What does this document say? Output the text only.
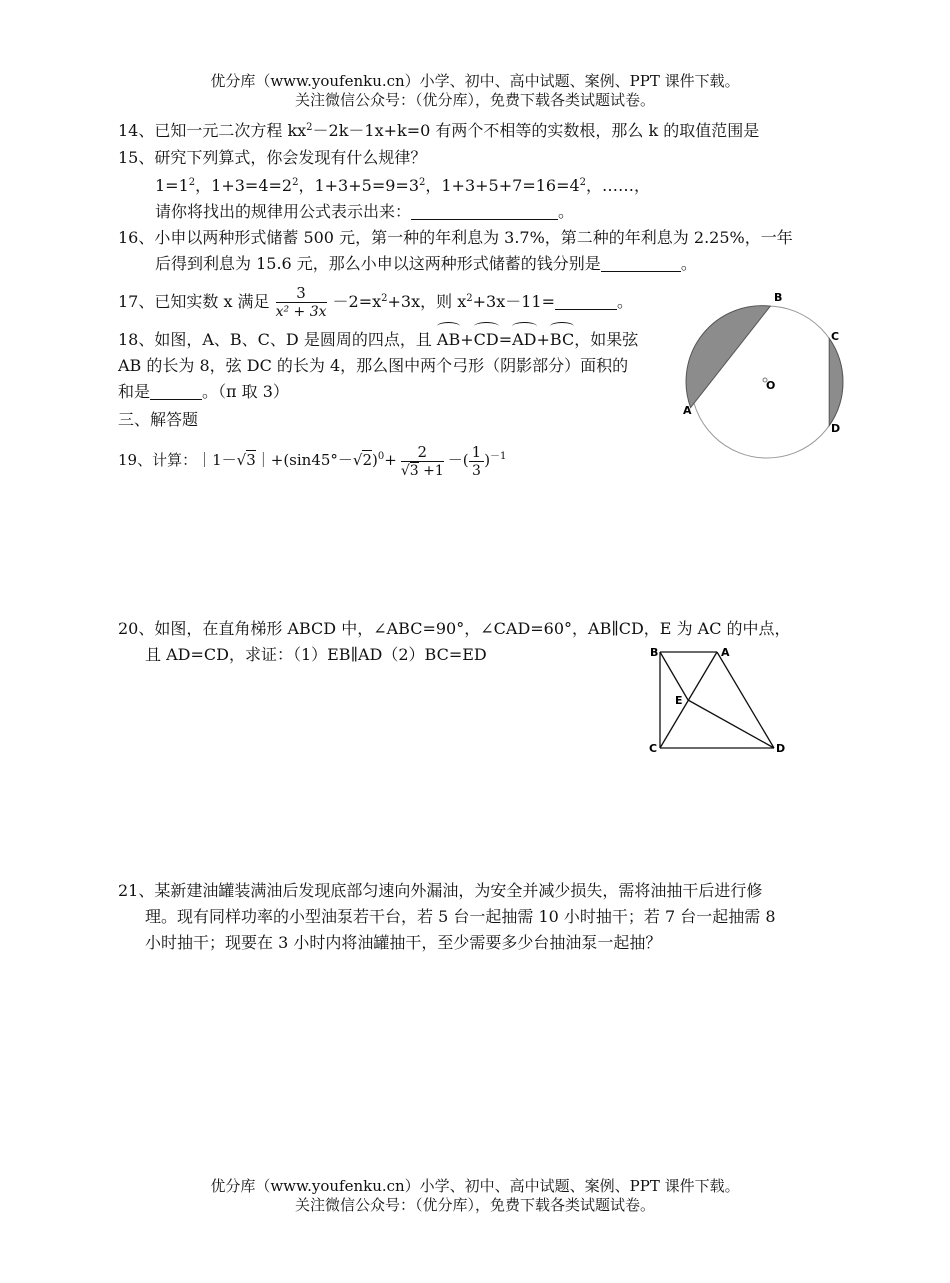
优分库（www.youfenku.cn）小学、初中、高中试题、案例、PPT 课件下载。
关注微信公众号：（优分库），免费下载各类试题试卷。
14、已知一元二次方程 $kx^2-2k-1x+k=0$ 有两个不相等的实数根，那么 k 的取值范围是
15、研究下列算式，你会发现有什么规律？
$1=1^2$，$1+3=4=2^2$，$1+3+5=9=3^2$，$1+3+5+7=16=4^2$，……，
请你将找出的规律用公式表示出来：	。
16、小申以两种形式储蓄 500 元，第一种的年利息为 3.7%，第二种的年利息为 2.25%，一年
后得到利息为 15.6 元，那么小申以这两种形式储蓄的钱分别是	。
17、已知实数 x 满足 $\frac{3}{\text{x² + 3x}} -2=x^2+3x$，则 $x^2+3x-11=$	。
18、如图，A、B、C、D 是圆周的四点，且 AB+CD=AD+BC，如果弦
AB 的长为 8，弦 DC 的长为 4，那么图中两个弓形（阴影部分）面积的
和是	。（π 取 3）
B
C
O
A
D
三、解答题
19、计算：$|1-√3|+(\sin 45^\circ-√2)^0+ \frac{2}{√3 +1}$ －( $\frac{1}{3} )^{-1}$
20、如图，在直角梯形 ABCD 中，∠ABC=90°，∠CAD=60°，AB∥CD，E 为 AC 的中点，
且 AD=CD，求证：（1）EB∥AD（2）BC=ED	B	A
E
C	D
21、某新建油罐装满油后发现底部匀速向外漏油，为安全并减少损失，需将油抽干后进行修
理。现有同样功率的小型油泵若干台，若 5 台一起抽需 10 小时抽干；若 7 台一起抽需 8
小时抽干；现要在 3 小时内将油罐抽干，至少需要多少台抽油泵一起抽？
优分库（www.youfenku.cn）小学、初中、高中试题、案例、PPT 课件下载。
关注微信公众号：（优分库），免费下载各类试题试卷。
